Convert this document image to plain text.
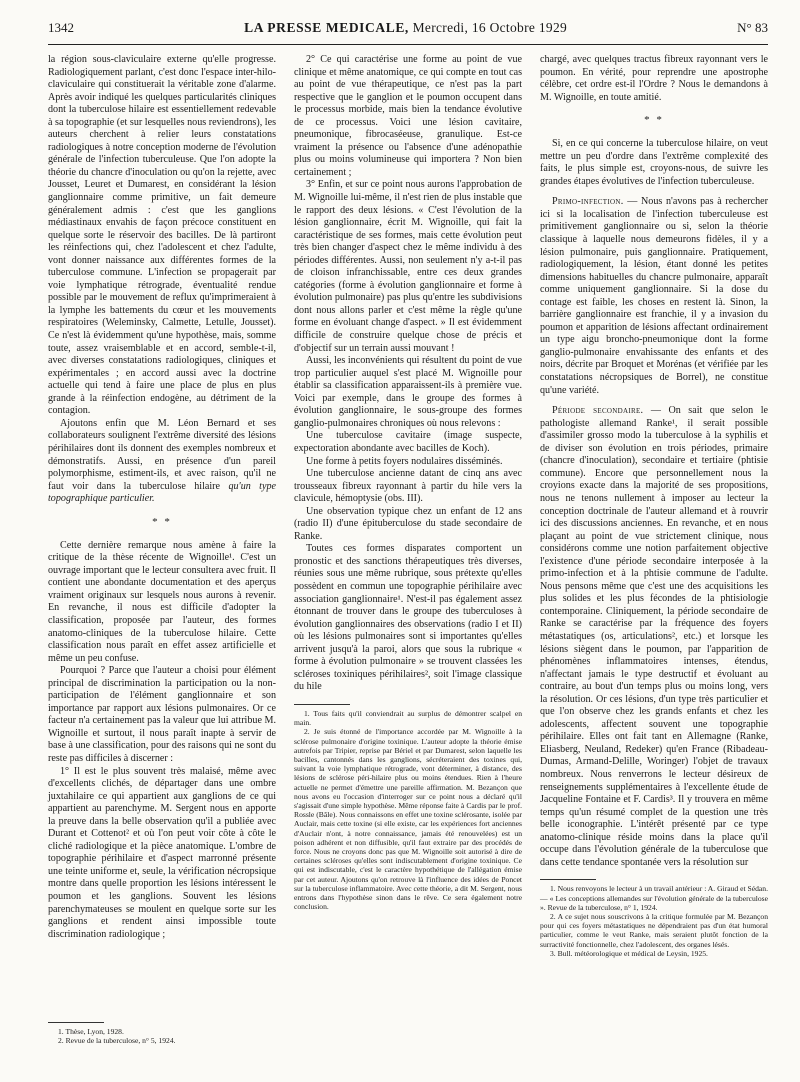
1342	LA PRESSE MEDICALE, Mercredi, 16 Octobre 1929	N° 83

la région sous-claviculaire externe qu'elle progresse. Radiologiquement parlant, c'est donc l'espace inter-hilo-claviculaire qui constituerait la véritable zone d'alarme. Après avoir indiqué les quelques particularités cliniques dont la tuberculose hilaire est essentiellement redevable à sa topographie (et sur lesquelles nous reviendrons), les auteurs cherchent à relier leurs constatations radiologiques à notre conception moderne de l'évolution générale de l'infection tuberculeuse. Que l'on adopte la théorie du chancre d'inoculation ou qu'on la rejette, avec Jousset, Leuret et Dumarest, en considérant la lésion ganglionnaire comme primitive, un fait demeure généralement admis : c'est que les ganglions médiastinaux envahis de façon précoce constituent en quelque sorte le réservoir des bacilles. De là partiront les réinfections qui, chez l'adolescent et chez l'adulte, vont donner naissance aux différentes formes de la tuberculose commune. L'infection se propagerait par voie lymphatique rétrograde, éventualité rendue possible par le mouvement de reflux qu'imprimeraient à la lymphe les battements du cœur et les mouvements respiratoires (Weleminsky, Calmette, Letulle, Jousset). Ce n'est là évidemment qu'une hypothèse, mais, somme toute, assez vraisemblable et en accord, semble-t-il, avec diverses constatations radiologiques, cliniques et expérimentales ; en accord aussi avec la doctrine actuelle qui tend à faire une place de plus en plus grande à la réinfection endogène, au détriment de la contagion.

Ajoutons enfin que M. Léon Bernard et ses collaborateurs soulignent l'extrême diversité des lésions périhilaires dont ils donnent des exemples nombreux et démonstratifs. Aussi, en présence d'un pareil polymorphisme, estiment-ils, et avec raison, qu'il ne faut voir dans la tuberculose hilaire qu'un type topographique particulier.

* *

Cette dernière remarque nous amène à faire la critique de la thèse récente de Wignoille¹. C'est un ouvrage important que le lecteur consultera avec fruit. Il contient une abondante documentation et des aperçus vraiment originaux sur lesquels nous aurons à revenir. En revanche, il nous est difficile d'adopter la classification, proposée par l'auteur, des formes anatomo-cliniques de la tuberculose hilaire. Cette classification nous paraît en effet assez artificielle et même un peu confuse.

Pourquoi ? Parce que l'auteur a choisi pour élément principal de discrimination la participation ou la non-participation de l'élément ganglionnaire et son importance par rapport aux lésions pulmonaires. Or ce facteur n'a certainement pas la valeur que lui attribue M. Wignoille et surtout, il nous paraît inapte à servir de base à une classification, pour des raisons qui ne sont du reste pas difficiles à discerner :

1° Il est le plus souvent très malaisé, même avec d'excellents clichés, de départager dans une ombre juxtahilaire ce qui appartient aux ganglions de ce qui appartient au parenchyme. M. Sergent nous en apporte la preuve dans la belle observation qu'il a publiée avec Durant et Cottenot² et où l'on peut voir côte à côte le cliché radiologique et la pièce anatomique. L'ombre de topographie périhilaire et d'aspect marronné présente une teinte uniforme et, seule, la vérification nécropsique montre dans quelle proportion les lésions intéressent le poumon et les ganglions. Souvent les lésions parenchymateuses se moulent en quelque sorte sur les ganglions et rendent ainsi impossible toute discrimination radiologique ;

1. Thèse, Lyon, 1928.

2. Revue de la tuberculose, n° 5, 1924.

2° Ce qui caractérise une forme au point de vue clinique et même anatomique, ce qui compte en tout cas au point de vue thérapeutique, ce n'est pas la part respective que le ganglion et le poumon occupent dans le processus morbide, mais bien la tendance évolutive de ce processus. Voici une lésion cavitaire, pneumonique, fibrocaséeuse, granulique. Est-ce vraiment la présence ou l'absence d'une adénopathie plus ou moins volumineuse qui importera ? Non bien certainement ;

3° Enfin, et sur ce point nous aurons l'approbation de M. Wignoille lui-même, il n'est rien de plus instable que le rapport des deux lésions. « C'est l'évolution de la lésion ganglionnaire, écrit M. Wignoille, qui fait la caractéristique de ses formes, mais cette évolution peut très bien changer d'aspect chez le même individu à des périodes différentes. Aussi, non seulement n'y a-t-il pas de cloison infranchissable, entre ces deux grandes catégories (forme à évolution ganglionnaire et forme à évolution pulmonaire) pas plus qu'entre les subdivisions dont nous allons parler et c'est même la règle qu'une forme en évoluant change d'aspect. » Il est évidemment difficile de construire quelque chose de précis et d'objectif sur un terrain aussi mouvant !

Aussi, les inconvénients qui résultent du point de vue trop particulier auquel s'est placé M. Wignoille pour établir sa classification apparaissent-ils à première vue. Voici par exemple, dans le groupe des formes à évolution ganglionnaire, le sous-groupe des formes ganglio-pulmonaires chroniques où nous relevons :

Une tuberculose cavitaire (image suspecte, expectoration abondante avec bacilles de Koch).

Une forme à petits foyers nodulaires disséminés.

Une tuberculose ancienne datant de cinq ans avec trousseaux fibreux rayonnant à partir du hile vers la clavicule, hémoptysie (obs. III).

Une observation typique chez un enfant de 12 ans (radio II) d'une épituberculose du stade secondaire de Ranke.

Toutes ces formes disparates comportent un pronostic et des sanctions thérapeutiques très diverses, réunies sous une même rubrique, sous prétexte qu'elles possèdent en commun une topographie périhilaire avec association ganglionnaire¹. N'est-il pas également assez étonnant de trouver dans le groupe des tuberculoses à évolution ganglionnaires des observations (radio I et II) où les lésions pulmonaires sont si importantes qu'elles arrivent jusqu'à la paroi, alors que sous la rubrique « forme à évolution pulmonaire » se trouvent classées les scléroses toxiniques périhilaires², soit l'image classique du hile

1. Tous faits qu'il conviendrait au surplus de démontrer scalpel en main.

2. Je suis étonné de l'importance accordée par M. Wignoille à la sclérose pulmonaire d'origine toxinique. L'auteur adopte la théorie émise autrefois par Tripier, reprise par Bériel et par Dumarest, selon laquelle les bacilles, cantonnés dans les ganglions, sécréteraient des toxines qui, suivant la voie lymphatique rétrograde, vont déterminer, à distance, des lésions de sclérose péri-hilaire plus ou moins étendues. Rien à l'heure actuelle ne permet d'émettre une pareille affirmation. M. Bezançon que nous avons eu l'occasion d'interroger sur ce point nous a déclaré qu'il s'agissait d'une simple hypothèse. Même réponse faite à Cardis par le prof. Rossle (Bâle). Nous connaissons en effet une toxine sclérosante, isolée par Auclair, mais cette toxine (si elle existe, car les expériences fort anciennes d'Auclair n'ont, à notre connaissance, jamais été renouvelées) est un poison adhérent et non diffusible, qu'il faut extraire par des procédés de force. Nous ne croyons donc pas que M. Wignoille soit autorisé à dire de certaines scléroses qu'elles sont indiscutablement d'origine toxinique. Ce qui est indiscutable, c'est le caractère hypothétique de l'allégation émise par cet auteur. Ajoutons qu'on retrouve là l'influence des idées de Poncet sur la tuberculose inflammatoire. Avec cette théorie, a dit M. Sergent, nous entrons dans l'hypothèse sinon dans le rêve. Ce sera également notre conclusion.

chargé, avec quelques tractus fibreux rayonnant vers le poumon. En vérité, pour reprendre une apostrophe célèbre, cet ordre est-il l'Ordre ? Nous le demandons à M. Wignoille, en toute amitié.

* *

Si, en ce qui concerne la tuberculose hilaire, on veut mettre un peu d'ordre dans l'extrême complexité des faits, le plus simple est, croyons-nous, de suivre les grandes étapes évolutives de l'infection tuberculeuse.

Primo-infection. — Nous n'avons pas à rechercher ici si la localisation de l'infection tuberculeuse est primitivement ganglionnaire ou si, selon la théorie classique à laquelle nous demeurons fidèles, il y a lésion pulmonaire, puis ganglionnaire. Pratiquement, radiologiquement, la lésion, étant donné les petites dimensions habituelles du chancre pulmonaire, apparaît comme uniquement ganglionnaire. Si la dose du contage est faible, les choses en restent là. Sinon, la barrière ganglionnaire est franchie, il y a invasion du poumon et apparition de lésions affectant ordinairement un type aigu broncho-pneumonique dont la forme ganglio-pulmonaire envahissante des enfants et des noirs, décrite par Broquet et Morénas (et vérifiée par les constatations nécropsiques de Borrel), ne constitue qu'une variété.

Période secondaire. — On sait que selon le pathologiste allemand Ranke¹, il serait possible d'assimiler grosso modo la tuberculose à la syphilis et de diviser son évolution en trois périodes, primaire (chancre d'inoculation), secondaire et tertiaire (phtisie commune). Encore que personnellement nous la croyions exacte dans la majorité de ses propositions, nous ne tenons nullement à imposer au lecteur la conception doctrinale de l'auteur allemand et à rouvrir ici des discussions anciennes. En revanche, et en nous plaçant au point de vue strictement clinique, nous considérons comme une notion parfaitement objective l'existence d'une période secondaire interposée à la primo-infection et à la phtisie commune de l'adulte. Nous pensons même que c'est une des acquisitions les plus solides et les plus fécondes de la phtisiologie contemporaine. Cliniquement, la période secondaire de Ranke se caractérise par la fréquence des foyers métastatiques (os, articulations², etc.) et lorsque les lésions siègent dans le poumon, par l'apparition de phénomènes inflammatoires intenses, étendus, n'affectant jamais le type destructif et évoluant au contraire, au bout d'un temps plus ou moins long, vers la résolution. Or ces lésions, d'un type très particulier et que l'on observe chez les grands enfants et chez les adolescents, affectent souvent une topographie périhilaire. Elles ont fait tant en Allemagne (Ranke, Eliasberg, Neuland, Redeker) qu'en France (Ribadeau-Dumas, Armand-Delille, Woringer) l'objet de travaux nombreux. Nous renverrons le lecteur désireux de renseignements supplémentaires à l'excellente étude de Jacqueline Fontaine et F. Cardis³. Il y trouvera en même temps qu'un résumé complet de la question une très belle iconographie. L'intérêt présenté par ce type anatomo-clinique réside moins dans la place qu'il occupe dans l'évolution générale de la tuberculose que dans cette tendance spontanée vers la résolution sur

1. Nous renvoyons le lecteur à un travail antérieur : A. Giraud et Sédan. — « Les conceptions allemandes sur l'évolution générale de la tuberculose ». Revue de la tuberculose, n° 1, 1924.

2. A ce sujet nous souscrivons à la critique formulée par M. Bezançon pour qui ces foyers métastatiques ne dépendraient pas d'un état humoral particulier, comme le veut Ranke, mais seraient plutôt fonction de la surractivité fonctionnelle, chez l'adolescent, des organes lésés.

3. Bull. météorologique et médical de Leysin, 1925.
